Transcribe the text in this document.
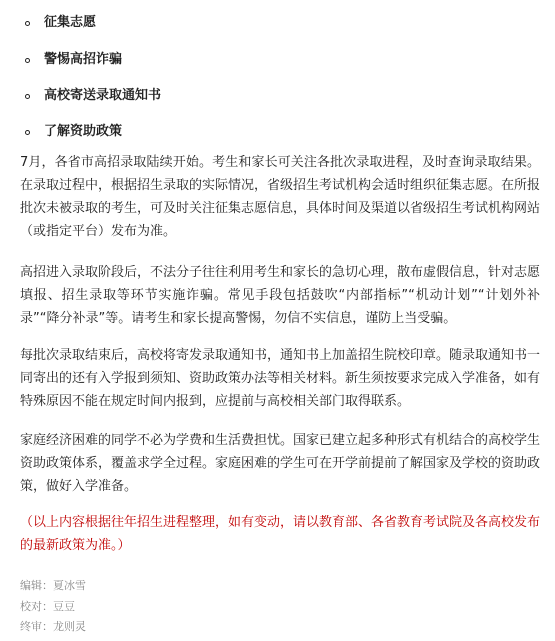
征集志愿
警惕高招诈骗
高校寄送录取通知书
了解资助政策

7月，各省市高招录取陆续开始。考生和家长可关注各批次录取进程，及时查询录取结果。在录取过程中，根据招生录取的实际情况，省级招生考试机构会适时组织征集志愿。在所报批次未被录取的考生，可及时关注征集志愿信息，具体时间及渠道以省级招生考试机构网站（或指定平台）发布为准。

高招进入录取阶段后，不法分子往往利用考生和家长的急切心理，散布虚假信息，针对志愿填报、招生录取等环节实施诈骗。常见手段包括鼓吹“内部指标”“机动计划”“计划外补录”“降分补录”等。请考生和家长提高警惕，勿信不实信息，谨防上当受骗。

每批次录取结束后，高校将寄发录取通知书，通知书上加盖招生院校印章。随录取通知书一同寄出的还有入学报到须知、资助政策办法等相关材料。新生须按要求完成入学准备，如有特殊原因不能在规定时间内报到，应提前与高校相关部门取得联系。

家庭经济困难的同学不必为学费和生活费担忧。国家已建立起多种形式有机结合的高校学生资助政策体系，覆盖求学全过程。家庭困难的学生可在开学前提前了解国家及学校的资助政策，做好入学准备。

（以上内容根据往年招生进程整理，如有变动，请以教育部、各省教育考试院及各高校发布的最新政策为准。）

编辑：夏冰雪
校对：豆豆
终审：龙则灵
